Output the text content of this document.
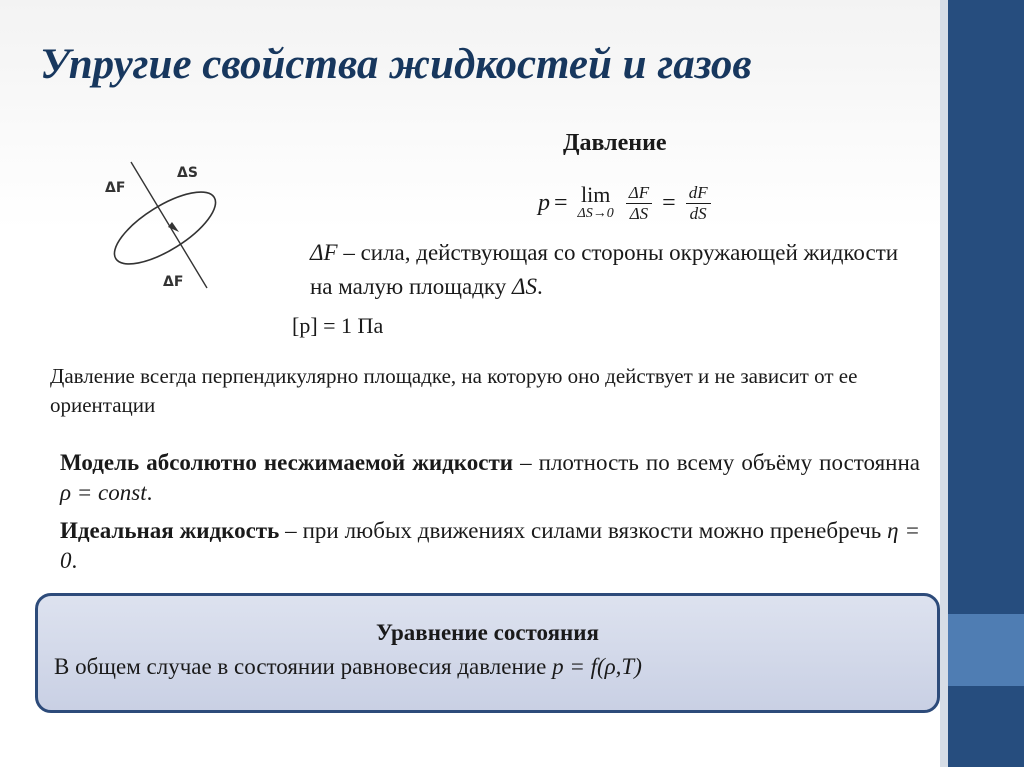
Упругие свойства жидкостей и газов
ΔF
ΔS
ΔF
Давление
p = lim
$\Delta S\to 0 \frac{\Delta F}{\Delta S} = \frac{dF}{dS}$
ΔF – сила, действующая со стороны окружающей жидкости на малую площадку ΔS.
[p] = 1 Па
Давление всегда перпендикулярно площадке, на которую оно действует и не зависит от ее ориентации
Модель абсолютно несжимаемой жидкости – плотность по всему объёму постоянна ρ = const.
Идеальная жидкость – при любых движениях силами вязкости можно пренебречь η = 0.
Уравнение состояния
В общем случае в состоянии равновесия давление p = f(ρ,T)
